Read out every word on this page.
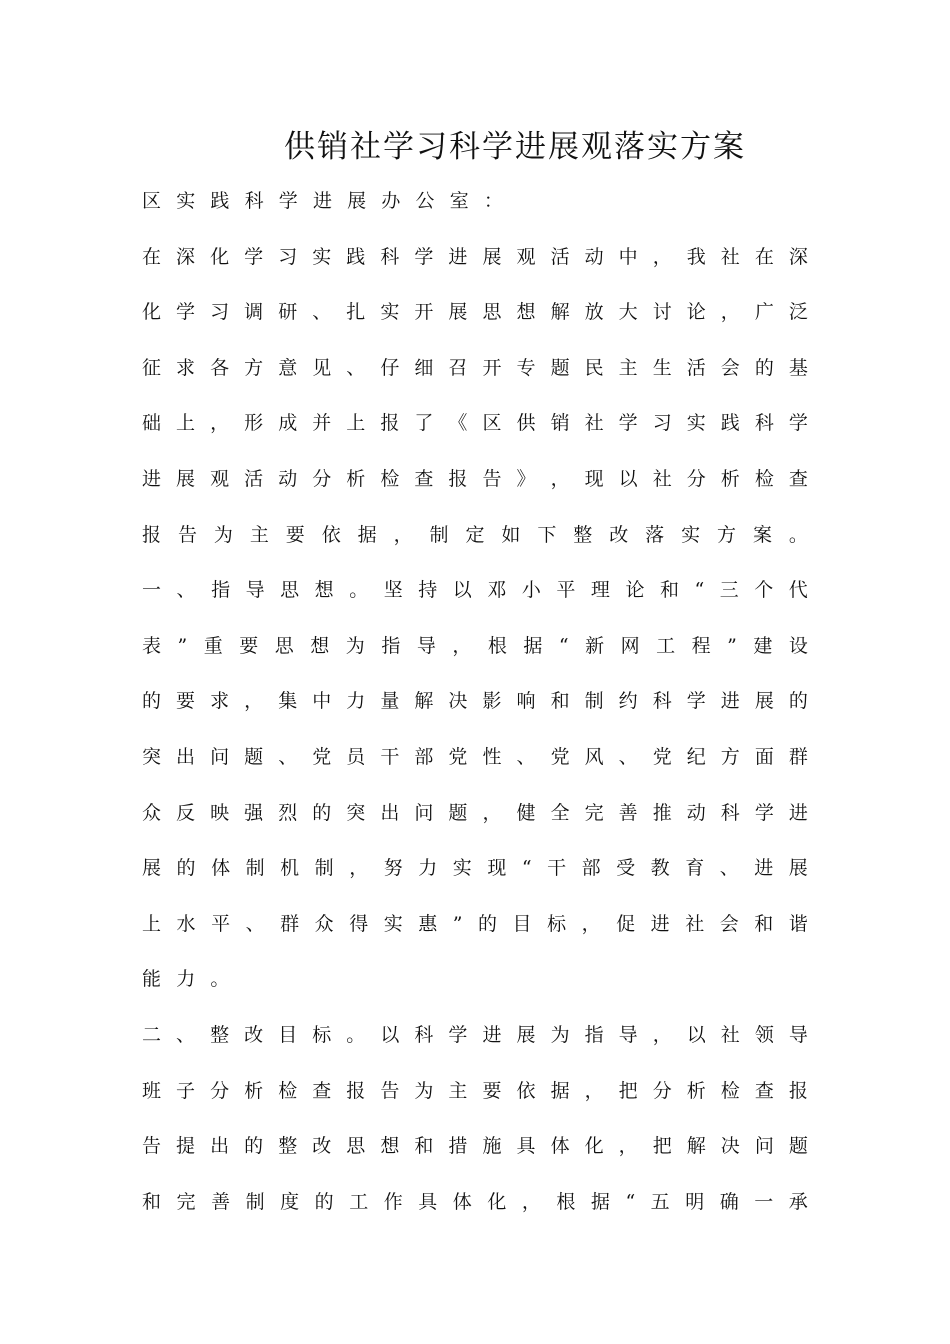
供销社学习科学进展观落实方案

区 实 践 科 学 进 展 办 公 室 ：

在 深 化 学 习 实 践 科 学 进 展 观 活 动 中 ， 我 社 在 深

化 学 习 调 研 、 扎 实 开 展 思 想 解 放 大 讨 论 ， 广 泛

征 求 各 方 意 见 、 仔 细 召 开 专 题 民 主 生 活 会 的 基

础 上 ， 形 成 并 上 报 了 《 区 供 销 社 学 习 实 践 科 学

进 展 观 活 动 分 析 检 查 报 告 》 ， 现 以 社 分 析 检 查

报 告 为 主 要 依 据 ， 制 定 如 下 整 改 落 实 方 案 。

一 、 指 导 思 想 。 坚 持 以 邓 小 平 理 论 和 “ 三 个 代

表 ” 重 要 思 想 为 指 导 ， 根 据 “ 新 网 工 程 ” 建 设

的 要 求 ， 集 中 力 量 解 决 影 响 和 制 约 科 学 进 展 的

突 出 问 题 、 党 员 干 部 党 性 、 党 风 、 党 纪 方 面 群

众 反 映 强 烈 的 突 出 问 题 ， 健 全 完 善 推 动 科 学 进

展 的 体 制 机 制 ， 努 力 实 现 “ 干 部 受 教 育 、 进 展

上 水 平 、 群 众 得 实 惠 ” 的 目 标 ， 促 进 社 会 和 谐

能 力 。

二 、 整 改 目 标 。 以 科 学 进 展 为 指 导 ， 以 社 领 导

班 子 分 析 检 查 报 告 为 主 要 依 据 ， 把 分 析 检 查 报

告 提 出 的 整 改 思 想 和 措 施 具 体 化 ， 把 解 决 问 题

和 完 善 制 度 的 工 作 具 体 化 ， 根 据 “ 五 明 确 一 承
